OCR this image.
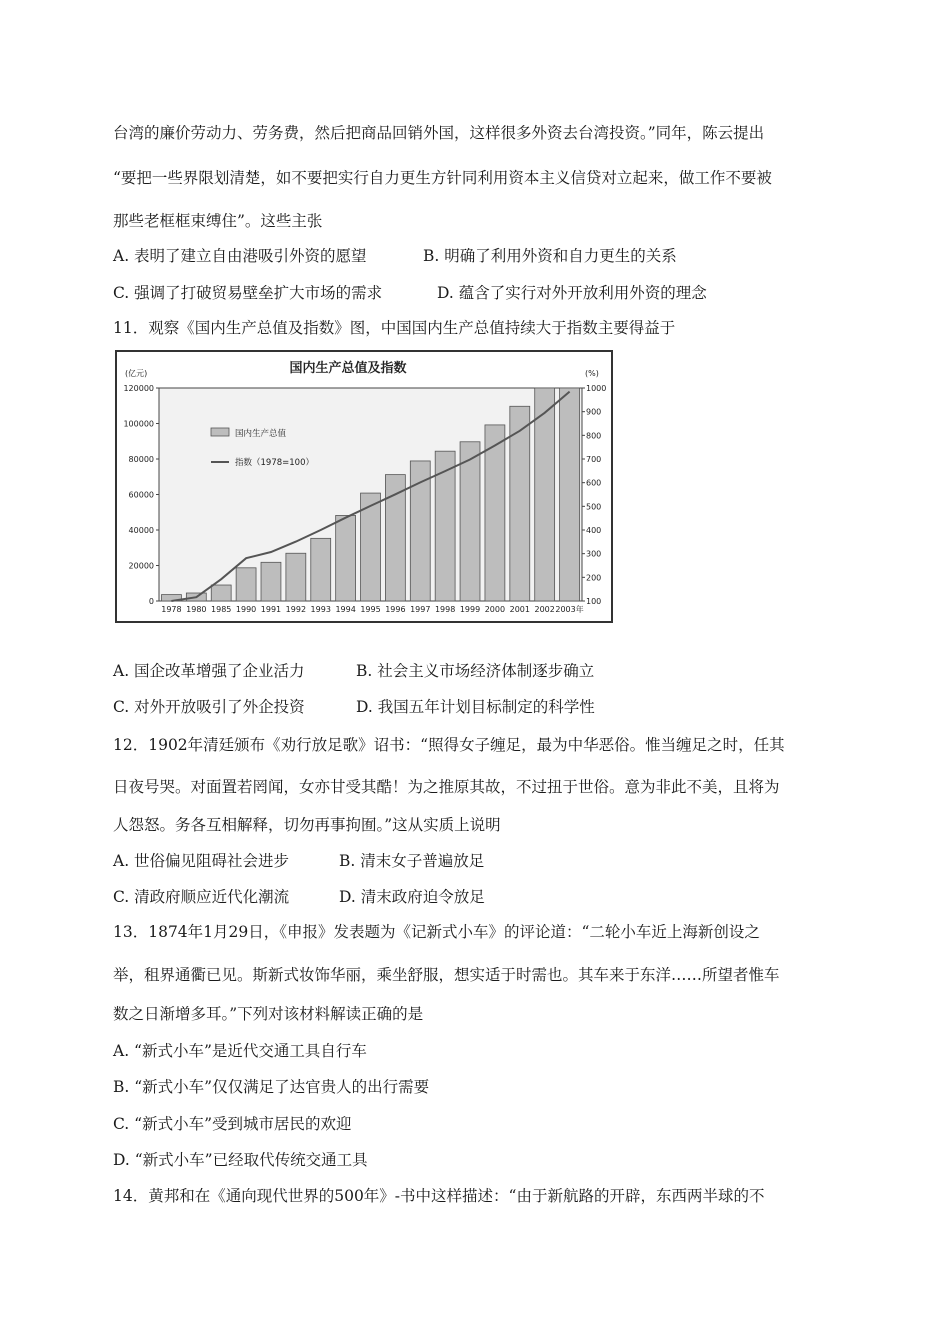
台湾的廉价劳动力、劳务费，然后把商品回销外国，这样很多外资去台湾投资。”同年，陈云提出
“要把一些界限划清楚，如不要把实行自力更生方针同利用资本主义信贷对立起来，做工作不要被
那些老框框束缚住”。这些主张
A. 表明了建立自由港吸引外资的愿望	B. 明确了利用外资和自力更生的关系
C. 强调了打破贸易壁垒扩大市场的需求	D. 蕴含了实行对外开放利用外资的理念
11．观察《国内生产总值及指数》图，中国国内生产总值持续大于指数主要得益于
国内生产总值及指数
(亿元)	(%)
0
20000
40000
60000
80000
100000
120000
100
200
300
400
500
600
700
800
900
1000
1978 1980 1985 1990 1991 1992 1993 1994 1995 1996 1997 1998 1999 2000 2001 2002 2003年
国内生产总值
指数（1978=100）
A. 国企改革增强了企业活力	B. 社会主义市场经济体制逐步确立
C. 对外开放吸引了外企投资	D. 我国五年计划目标制定的科学性
12．1902年清廷颁布《劝行放足歌》诏书：“照得女子缠足，最为中华恶俗。惟当缠足之时，任其
日夜号哭。对面置若罔闻，女亦甘受其酷！为之推原其故，不过扭于世俗。意为非此不美，且将为
人怨怒。务各互相解释，切勿再事拘囿。”这从实质上说明
A. 世俗偏见阻碍社会进步	B. 清末女子普遍放足
C. 清政府顺应近代化潮流	D. 清末政府迫令放足
13．1874年1月29日，《申报》发表题为《记新式小车》的评论道：“二轮小车近上海新创设之
举，租界通衢已见。斯新式妆饰华丽，乘坐舒服，想实适于时需也。其车来于东洋……所望者惟车
数之日渐增多耳。”下列对该材料解读正确的是
A. “新式小车”是近代交通工具自行车
B. “新式小车”仅仅满足了达官贵人的出行需要
C. “新式小车”受到城市居民的欢迎
D. “新式小车”已经取代传统交通工具
14．黄邦和在《通向现代世界的500年》-书中这样描述：“由于新航路的开辟，东西两半球的不
